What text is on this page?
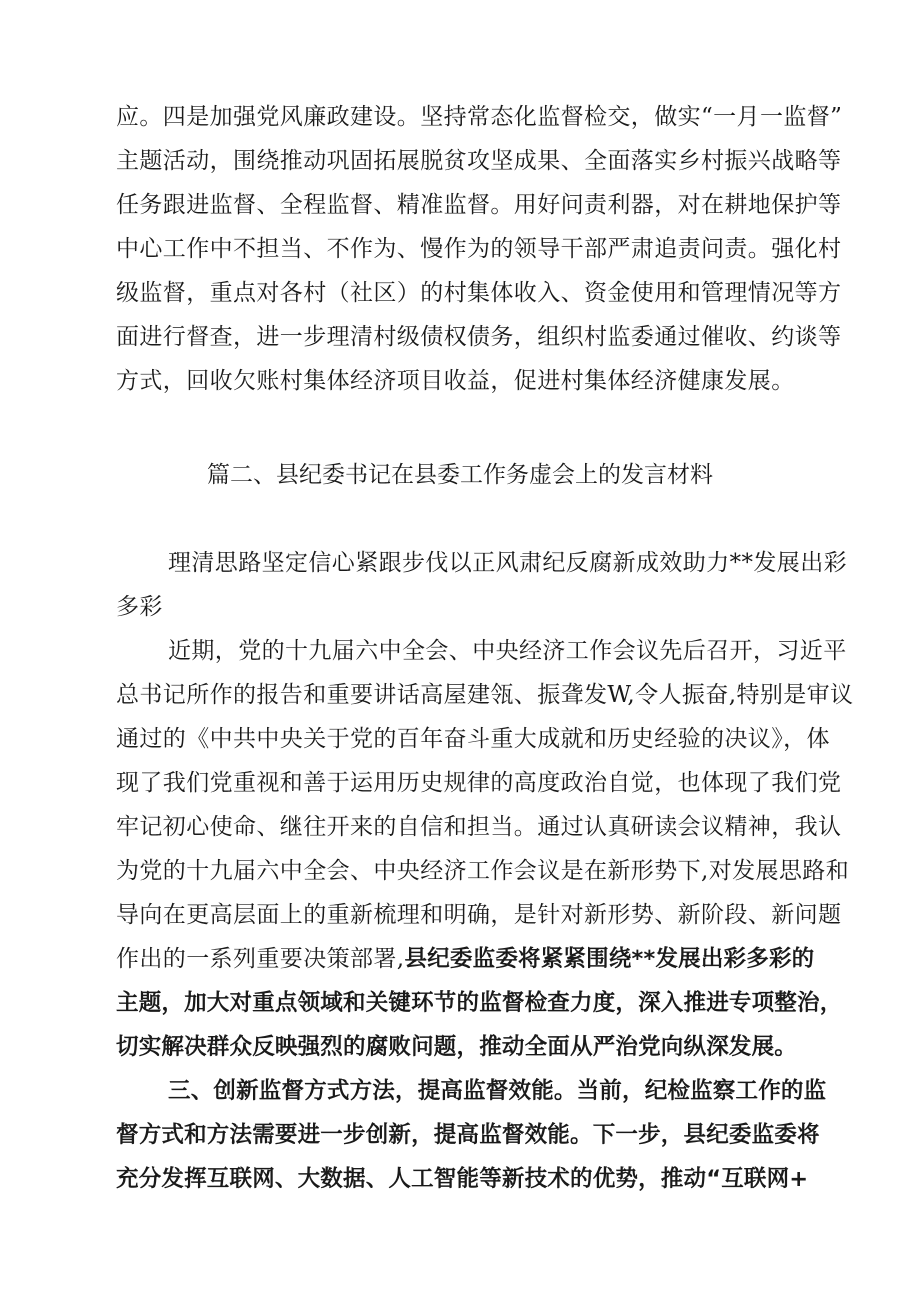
应。四是加强党风廉政建设。坚持常态化监督检交，做实“一月一监督”
主题活动，围绕推动巩固拓展脱贫攻坚成果、全面落实乡村振兴战略等
任务跟进监督、全程监督、精准监督。用好问责利器，对在耕地保护等
中心工作中不担当、不作为、慢作为的领导干部严肃追责问责。强化村
级监督，重点对各村（社区）的村集体收入、资金使用和管理情况等方
面进行督查，进一步理清村级债权债务，组织村监委通过催收、约谈等
方式，回收欠账村集体经济项目收益，促进村集体经济健康发展。
篇二、县纪委书记在县委工作务虚会上的发言材料
理清思路坚定信心紧跟步伐以正风肃纪反腐新成效助力**发展出彩
多彩
近期，党的十九届六中全会、中央经济工作会议先后召开，习近平
总书记所作的报告和重要讲话高屋建瓴、振聋发W,令人振奋,特别是审议
通过的《中共中央关于党的百年奋斗重大成就和历史经验的决议》，体
现了我们党重视和善于运用历史规律的高度政治自觉，也体现了我们党
牢记初心使命、继往开来的自信和担当。通过认真研读会议精神，我认
为党的十九届六中全会、中央经济工作会议是在新形势下,对发展思路和
导向在更高层面上的重新梳理和明确，是针对新形势、新阶段、新问题
作出的一系列重要决策部署,县纪委监委将紧紧围绕**发展出彩多彩的
主题，加大对重点领域和关键环节的监督检查力度，深入推进专项整治，
切实解决群众反映强烈的腐败问题，推动全面从严治党向纵深发展。
三、创新监督方式方法，提高监督效能。当前，纪检监察工作的监
督方式和方法需要进一步创新，提高监督效能。下一步，县纪委监委将
充分发挥互联网、大数据、人工智能等新技术的优势，推动“互联网+
